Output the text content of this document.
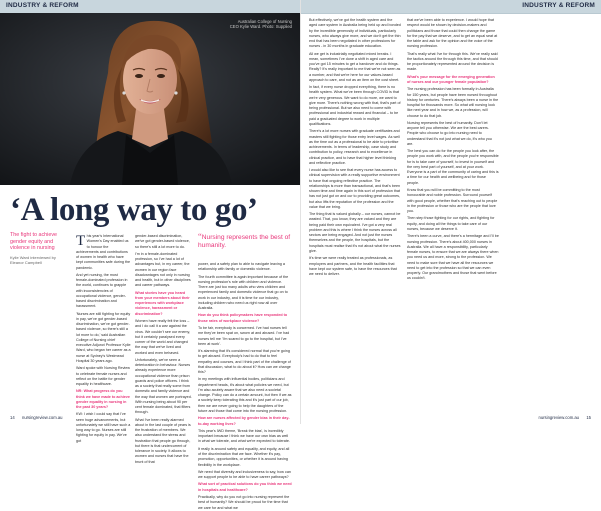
INDUSTRY & REFORM
Australian College of Nursing
CEO Kylie Ward. Photo: Supplied
‘A long way to go’
The fight to achieve gender equity and violence in nursing
Kylie Ward interviewed by Eleanor Campbell

This year's International Women's Day enabled us to honour the achievements and contributions of women in health who have kept communities safe during the pandemic.

And yet nursing, the most female-dominated profession in the world, continues to grapple with inconsistencies of occupational violence, gender-based discrimination and harassment.

'Nurses are still fighting for equity in pay, we've got gender-based discrimination, we've got gender-based violence, so there's still a lot more to do,' said Australian College of Nursing chief executive Adjunct Professor Kylie Ward, who began her career as a nurse at Sydney's Westmead Hospital 30 years ago.

Ward spoke with Nursing Review to celebrate female nurses and reflect on the battle for gender equality in healthcare.

NR: What progress do you think we have made to achieve gender equality in nursing in the past 30 years?

KW: I wish I could say that I've seen huge advancements, but unfortunately we still have such a long way to go. Nurses are still fighting for equity in pay. We've got

gender-based discrimination, we've got gender-based violence, so there's still a lot more to do.

I'm in a female-dominated profession, so I've had a lot of advantages but, in my career, the women in our region face disadvantages not only in nursing and health, but in other disciplines and career pathways.

What stories have you heard from your members about their experiences with workplace violence, harassment or discrimination?

Women have really felt the loss – and I do call it a war against the virus. We couldn't see our enemy, but it certainly paralysed every corner of the world and changed the way that we've lived and worked and even behaved.

Unfortunately, we've seen a deterioration in behaviour. Nurses already experience more occupational violence than prison guards and police officers. I think as a society that really some from domestic and family violence and the way that women are portrayed. With nursing being about 90 per cent female dominated, that filters through.

What I've been really alarmed about in the last couple of years is the frustration of members. We also understand the stress and frustration that people go through, but there is that undercurrent of tolerance in society. It allows to women and nurses that have the brunt of that

“Nursing represents the best of humanity.
14 nursingreview.com.au
INDUSTRY & REFORM

But effectively, we've got the health system and the aged care system in Australia being held up and bonded by the incredible generosity of individuals, particularly nurses, who always give more, and we don't get the thin end that has been negotiated in other professions for nurses - in 30 months in graduate education.

All we get is industrially negotiated mixed breaks. I mean, sometimes I've done a shift in aged care and you've got 15 minutes to get a handover and do things. Really? It's really important to me that we're not seen as a number, and that we're here for our values-based approach to care, and not as an item on the cost sheet.

In fact, if every nurse dropped everything, there is no health system. What we've been through COVID is that we're very generous. We want to do more, we want to give more. There's nothing wrong with that, that's part of being professional. But we also need to come with professional and industrial reward and financial – to be paid a graduated degree to work in multiple qualifications.

There's a lot more nurses with graduate certificates and masters still fighting for those entry level wages. As well as the time out as a professional to be able to prioritise achievements. In terms of leadership, case study and contribution to policy, research and to excellence in clinical practice, and to have that higher level thinking and reflective practice.

I would also like to see that every nurse has access to clinical supervision with a really supportive environment to have that ongoing reflective practice. The relationships is more than transactional, and that's been shown time and time again in this sort of profession that has not just got on and cur to providing great outcomes, but also lifts the reputation of the profession and the value that we bring.

The thing that is valued globally – our nurses, cannot be wasted. That, you know, they are valued and they are being paid their own equivalent. I've got a very real problem and this is where I think the nurses across all sectors are being engaged. And not just the nurses themselves and the people, the hospitals, but the hospitals must realise that it's not about what the nurses give.

It's time we were really treated as professionals, as employers and partners, and the health facilities that have kept our system safe, to have the resources that we need to deliver.

that we've been able to experience. I would hope that respect would be shown by decision-makers and politicians and those that could then change the game for the pay that we deserve, and to get an equal seat at the table and ask for the opinion and the voice of the nursing profession.

That's really what I've for through this. We've really said the tactics around the through this time, and that should be proportionately represented around the decision is made.

What's your message for the emerging generation of nurses and our younger female population?

The nursing profession has been formally in Australia for 150 years, but people have been nursed throughout history for centuries. There's always been a nurse in the hospital for thousands more. So what will nursing look like next year and in how we, as a profession, will choose to do that job.

Nursing represents the best of humanity. Don't let anyone tell you otherwise. We are the best carers. People who choose to go into nursing need to understand that it's not just what we do, it's who you are.

The best you can do for the people you look after, the people you work with, and the people you're responsible for is to take care of yourself, to invest in yourself and the very best part of yourself, and at your work. Everyone is a part of the community of caring and this is a time for our health and wellbeing and for those people.

Know that you will be committing to the most honourable and noble profession. Surround yourself with good people, whether that's reaching out to people in the profession or those who are the people that love you.

Then step those fighting for our rights, and fighting for equity, and doing all the things to take care of our nurses, because we deserve it.

There's been a curve, and there's a hermitage and I'll be nursing profession. There's about 400,000 nurses in Australia. We all have a responsibility, particularly female nurses, to ensure that we are always there when you need us and more, strong to the profession. We need to make sure that we have all the resources we need to get into the profession so that we can even properly. Our grandmothers and those that went before us couldn't.

15
nursingreview.com.au

power, and a safety plan to able to navigate leaving a relationship with family or domestic violence.

The fourth committee is again important because of the nursing profession's role with children and violence. There are just too many adults who view children and experienced family and domestic violence that go on to work in our industry, and it is time for our industry, including children who need us right now all over Australia.

How do you think policymakers have responded to those rates of workplace violence?

To be fair, everybody is concerned. I've had nurses tell me they've been spat on, sworn at and abused. I've had nurses tell me 'I'm scared to go to the hospital, but I've been at work'.

It's alarming that it's considered normal that you're going to get abused. Everybody's had to do that to feel empathy and courses, and I think part of the challenge of that discussion, what to do about it? How can we change this?

In my meetings with influential bodies, politicians and department heads, it's about what policies we need, but I'm also acutely aware that we also need a societal change. Policy can do a certain amount, but then if we as a society keep tolerating this and it's just part of our job, then we are never going to help the daughters of the future and those that come into the nursing profession.

How are nurses affected by gender bias in their day-to-day working lives?

This year's IWD theme, 'Break the bias', is incredibly important because I think we have our own bias as well in what we tolerate, and what we're expected to tolerate.

It really is around safety and equality, and equity, and all of the discrimination that we face. Whether it's pay, promotion, opportunities, or whether it is around having flexibility in the workplace.

We need that diversity and inclusiveness to say, how can we support people to be able to have career pathways?

What sort of practical solutions do you think we need in hospitals and healthcare?

Practically, why do you not go into nursing represent the best of humanity? We should be proud for the time that we care for and what we
